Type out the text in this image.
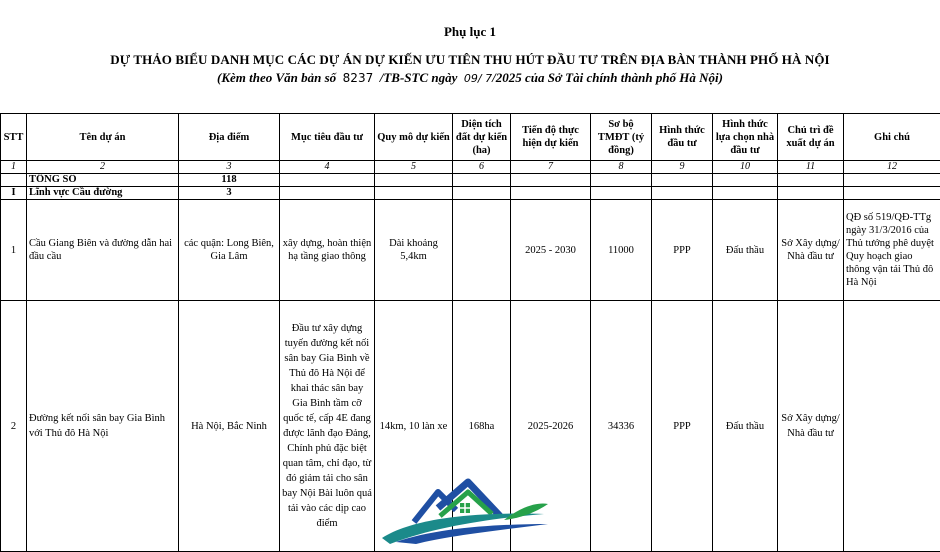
Phụ lục 1
DỰ THẢO BIỂU DANH MỤC CÁC DỰ ÁN DỰ KIẾN ƯU TIÊN THU HÚT ĐẦU TƯ TRÊN ĐỊA BÀN THÀNH PHỐ HÀ NỘI
(Kèm theo Văn bản số 8237 /TB-STC ngày 09/ 7/2025 của Sở Tài chính thành phố Hà Nội)
STT	Tên dự án	Địa điểm	Mục tiêu đầu tư	Quy mô dự kiến	Diện tích đất dự kiến (ha)	Tiến độ thực hiện dự kiến	Sơ bộ TMĐT (tỷ đồng)	Hình thức đầu tư	Hình thức lựa chọn nhà đầu tư	Chủ trì đề xuất dự án	Ghi chú
1	2	3	4	5	6	7	8	9	10	11	12
	TỔNG SỐ	118									
I	Lĩnh vực Cầu đường	3									
1	Cầu Giang Biên và đường dẫn hai đầu cầu	các quận: Long Biên, Gia Lâm	xây dựng, hoàn thiện hạ tầng giao thông	Dài khoảng 5,4km		2025 - 2030	11000	PPP	Đấu thầu	Sở Xây dựng/ Nhà đầu tư	QĐ số 519/QĐ-TTg ngày 31/3/2016 của Thủ tướng phê duyệt Quy hoạch giao thông vận tải Thủ đô Hà Nội
2	Đường kết nối sân bay Gia Bình với Thủ đô Hà Nội	Hà Nội, Bắc Ninh	Đầu tư xây dựng tuyến đường kết nối sân bay Gia Bình về Thủ đô Hà Nội để khai thác sân bay Gia Bình tầm cỡ quốc tế, cấp 4E đang được lãnh đạo Đảng, Chính phủ đặc biệt quan tâm, chỉ đạo, từ đó giảm tải cho sân bay Nội Bài luôn quá tải vào các dịp cao điểm	14km, 10 làn xe	168ha	2025-2026	34336	PPP	Đấu thầu	Sở Xây dựng/ Nhà đầu tư	
